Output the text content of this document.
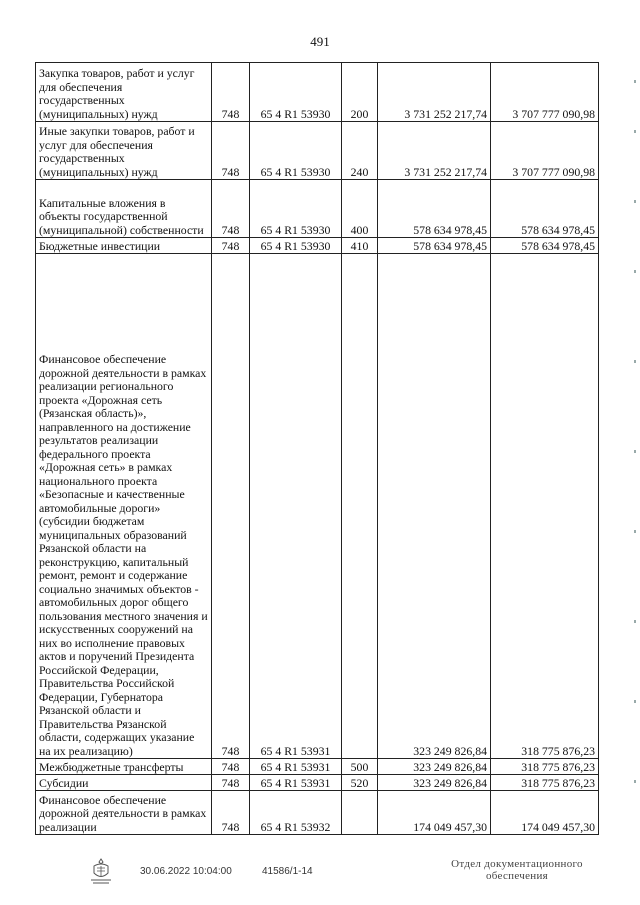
491
Закупка товаров, работ и услуг для обеспечения государственных (муниципальных) нужд	748	65 4 R1 53930	200	3 731 252 217,74	3 707 777 090,98
Иные закупки товаров, работ и услуг для обеспечения государственных (муниципальных) нужд	748	65 4 R1 53930	240	3 731 252 217,74	3 707 777 090,98
Капитальные вложения в объекты государственной (муниципальной) собственности	748	65 4 R1 53930	400	578 634 978,45	578 634 978,45
Бюджетные инвестиции	748	65 4 R1 53930	410	578 634 978,45	578 634 978,45
Финансовое обеспечение дорожной деятельности в рамках реализации регионального проекта «Дорожная сеть (Рязанская область)», направленного на достижение результатов реализации федерального проекта «Дорожная сеть» в рамках национального проекта «Безопасные и качественные автомобильные дороги» (субсидии бюджетам муниципальных образований Рязанской области на реконструкцию, капитальный ремонт, ремонт и содержание социально значимых объектов - автомобильных дорог общего пользования местного значения и искусственных сооружений на них во исполнение правовых актов и поручений Президента Российской Федерации, Правительства Российской Федерации, Губернатора Рязанской области и Правительства Рязанской области, содержащих указание на их реализацию)	748	65 4 R1 53931		323 249 826,84	318 775 876,23
Межбюджетные трансферты	748	65 4 R1 53931	500	323 249 826,84	318 775 876,23
Субсидии	748	65 4 R1 53931	520	323 249 826,84	318 775 876,23
Финансовое обеспечение дорожной деятельности в рамках реализации	748	65 4 R1 53932		174 049 457,30	174 049 457,30
30.06.2022 10:04:00	41586/1-14
Отдел документационного
обеспечения
